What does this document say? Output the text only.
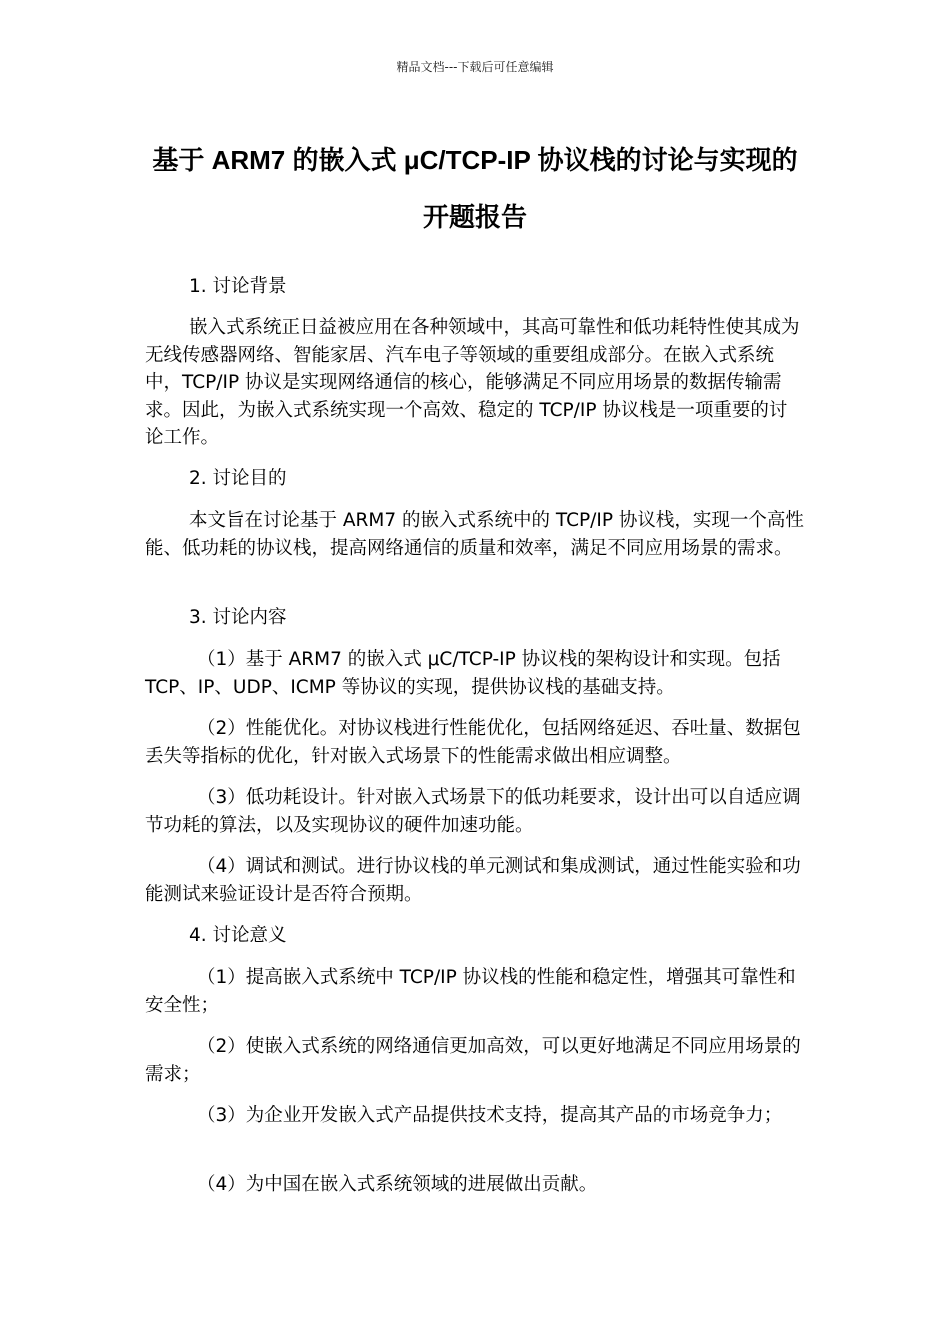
精品文档---下载后可任意编辑
基于 ARM7 的嵌入式 μC/TCP-IP 协议栈的讨论与实现的开题报告
1. 讨论背景

嵌入式系统正日益被应用在各种领域中，其高可靠性和低功耗特性使其成为无线传感器网络、智能家居、汽车电子等领域的重要组成部分。在嵌入式系统中，TCP/IP 协议是实现网络通信的核心，能够满足不同应用场景的数据传输需求。因此，为嵌入式系统实现一个高效、稳定的 TCP/IP 协议栈是一项重要的讨论工作。

2. 讨论目的

本文旨在讨论基于 ARM7 的嵌入式系统中的 TCP/IP 协议栈，实现一个高性能、低功耗的协议栈，提高网络通信的质量和效率，满足不同应用场景的需求。

3. 讨论内容

（1）基于 ARM7 的嵌入式 μC/TCP-IP 协议栈的架构设计和实现。包括 TCP、IP、UDP、ICMP 等协议的实现，提供协议栈的基础支持。

（2）性能优化。对协议栈进行性能优化，包括网络延迟、吞吐量、数据包丢失等指标的优化，针对嵌入式场景下的性能需求做出相应调整。

（3）低功耗设计。针对嵌入式场景下的低功耗要求，设计出可以自适应调节功耗的算法，以及实现协议的硬件加速功能。

（4）调试和测试。进行协议栈的单元测试和集成测试，通过性能实验和功能测试来验证设计是否符合预期。

4. 讨论意义

（1）提高嵌入式系统中 TCP/IP 协议栈的性能和稳定性，增强其可靠性和安全性；

（2）使嵌入式系统的网络通信更加高效，可以更好地满足不同应用场景的需求；

（3）为企业开发嵌入式产品提供技术支持，提高其产品的市场竞争力；

（4）为中国在嵌入式系统领域的进展做出贡献。
